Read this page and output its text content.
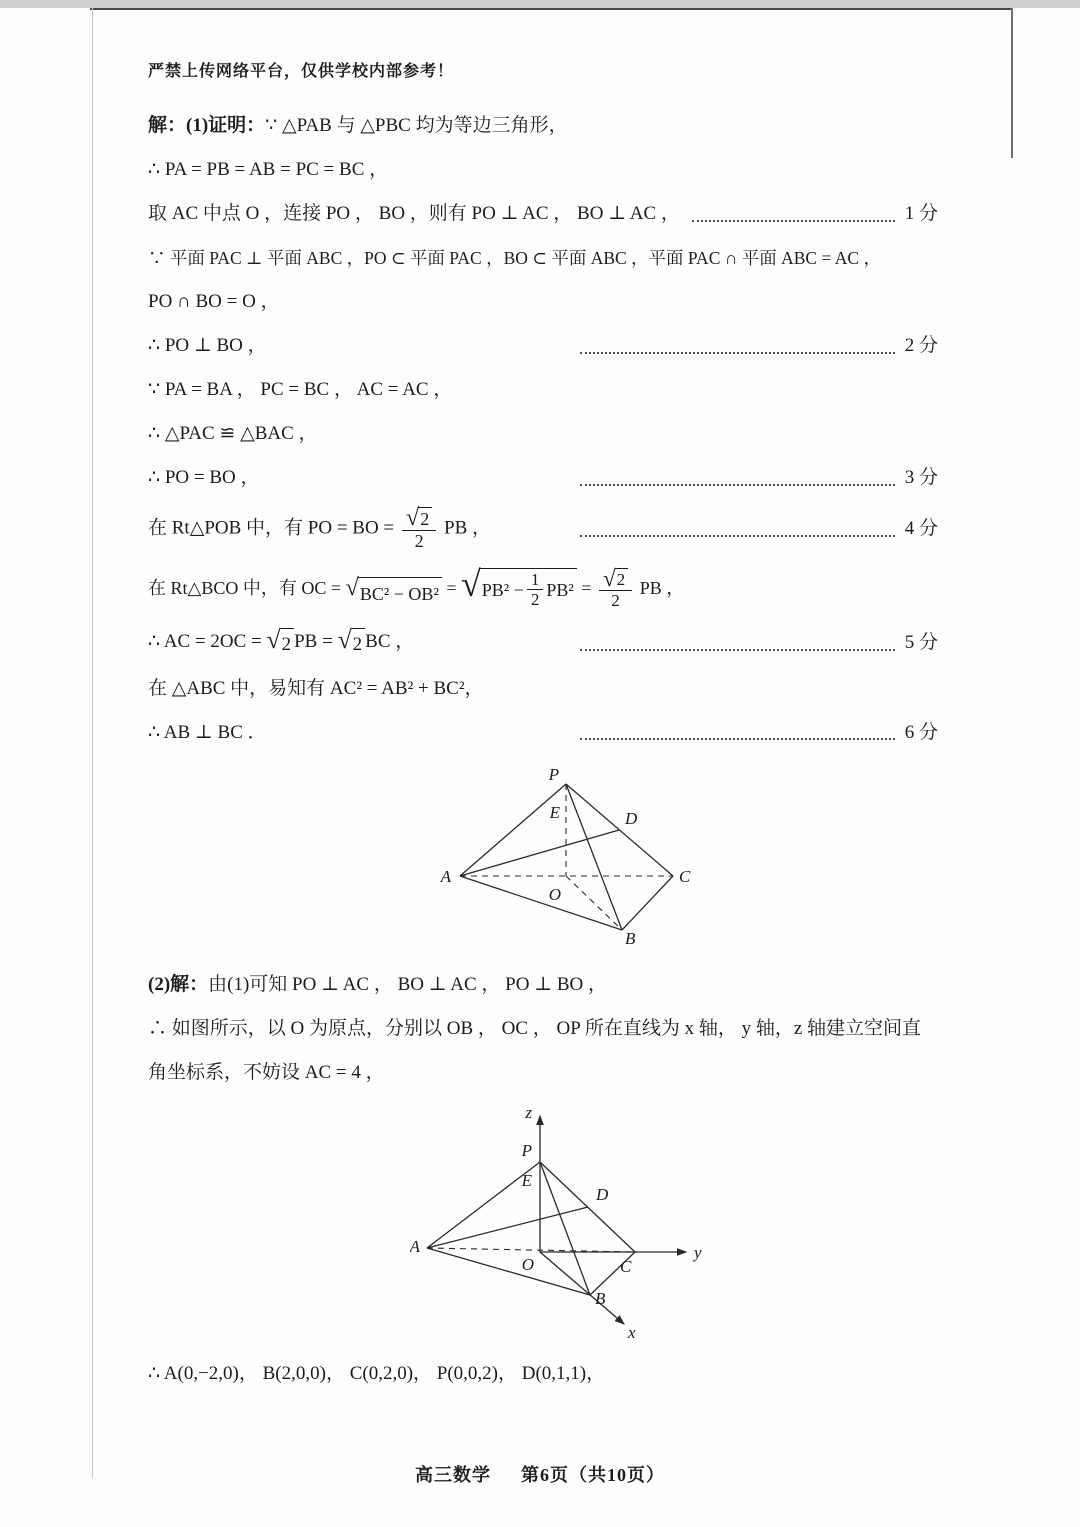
严禁上传网络平台，仅供学校内部参考！
解：(1)证明：∵ △PAB 与 △PBC 均为等边三角形，
∴ PA = PB = AB = PC = BC ，
取 AC 中点 O ，连接 PO ， BO ，则有 PO ⊥ AC ， BO ⊥ AC ，	1 分
∵ 平面 PAC ⊥ 平面 ABC ，PO ⊂ 平面 PAC ，BO ⊂ 平面 ABC ，平面 PAC ∩ 平面 ABC = AC ，
PO ∩ BO = O ，
∴ PO ⊥ BO ，	2 分
∵ PA = BA ， PC = BC ， AC = AC ，
∴ △PAC ≌ △BAC ，
∴ PO = BO ，	3 分
在 Rt△POB 中，有 PO = BO = $\frac{√ 2}{2}$ PB ，	4 分
在 Rt△BCO 中，有 OC = √ BC² − OB² = √ $PB^2 - \frac{1}{2} PB^2 = \frac{√ 2}{2}$ PB ，
∴ AC = 2OC = √ 2 PB = √ 2 BC ，	5 分
在 △ABC 中，易知有 AC² = AB² + BC²，
∴ AB ⊥ BC ．	6 分
P
E	D
A
O
C
B
(2)解：由(1)可知 PO ⊥ AC ， BO ⊥ AC ， PO ⊥ BO ，
∴ 如图所示，以 O 为原点，分别以 OB ， OC ， OP 所在直线为 x 轴， y 轴，z 轴建立空间直
角坐标系，不妨设 AC = 4 ，
z
P
E
D
A
O	C
y
B
x
∴ A(0,−2,0)， B(2,0,0)， C(0,2,0)， P(0,0,2)， D(0,1,1)，
高三数学 第6页（共10页）
